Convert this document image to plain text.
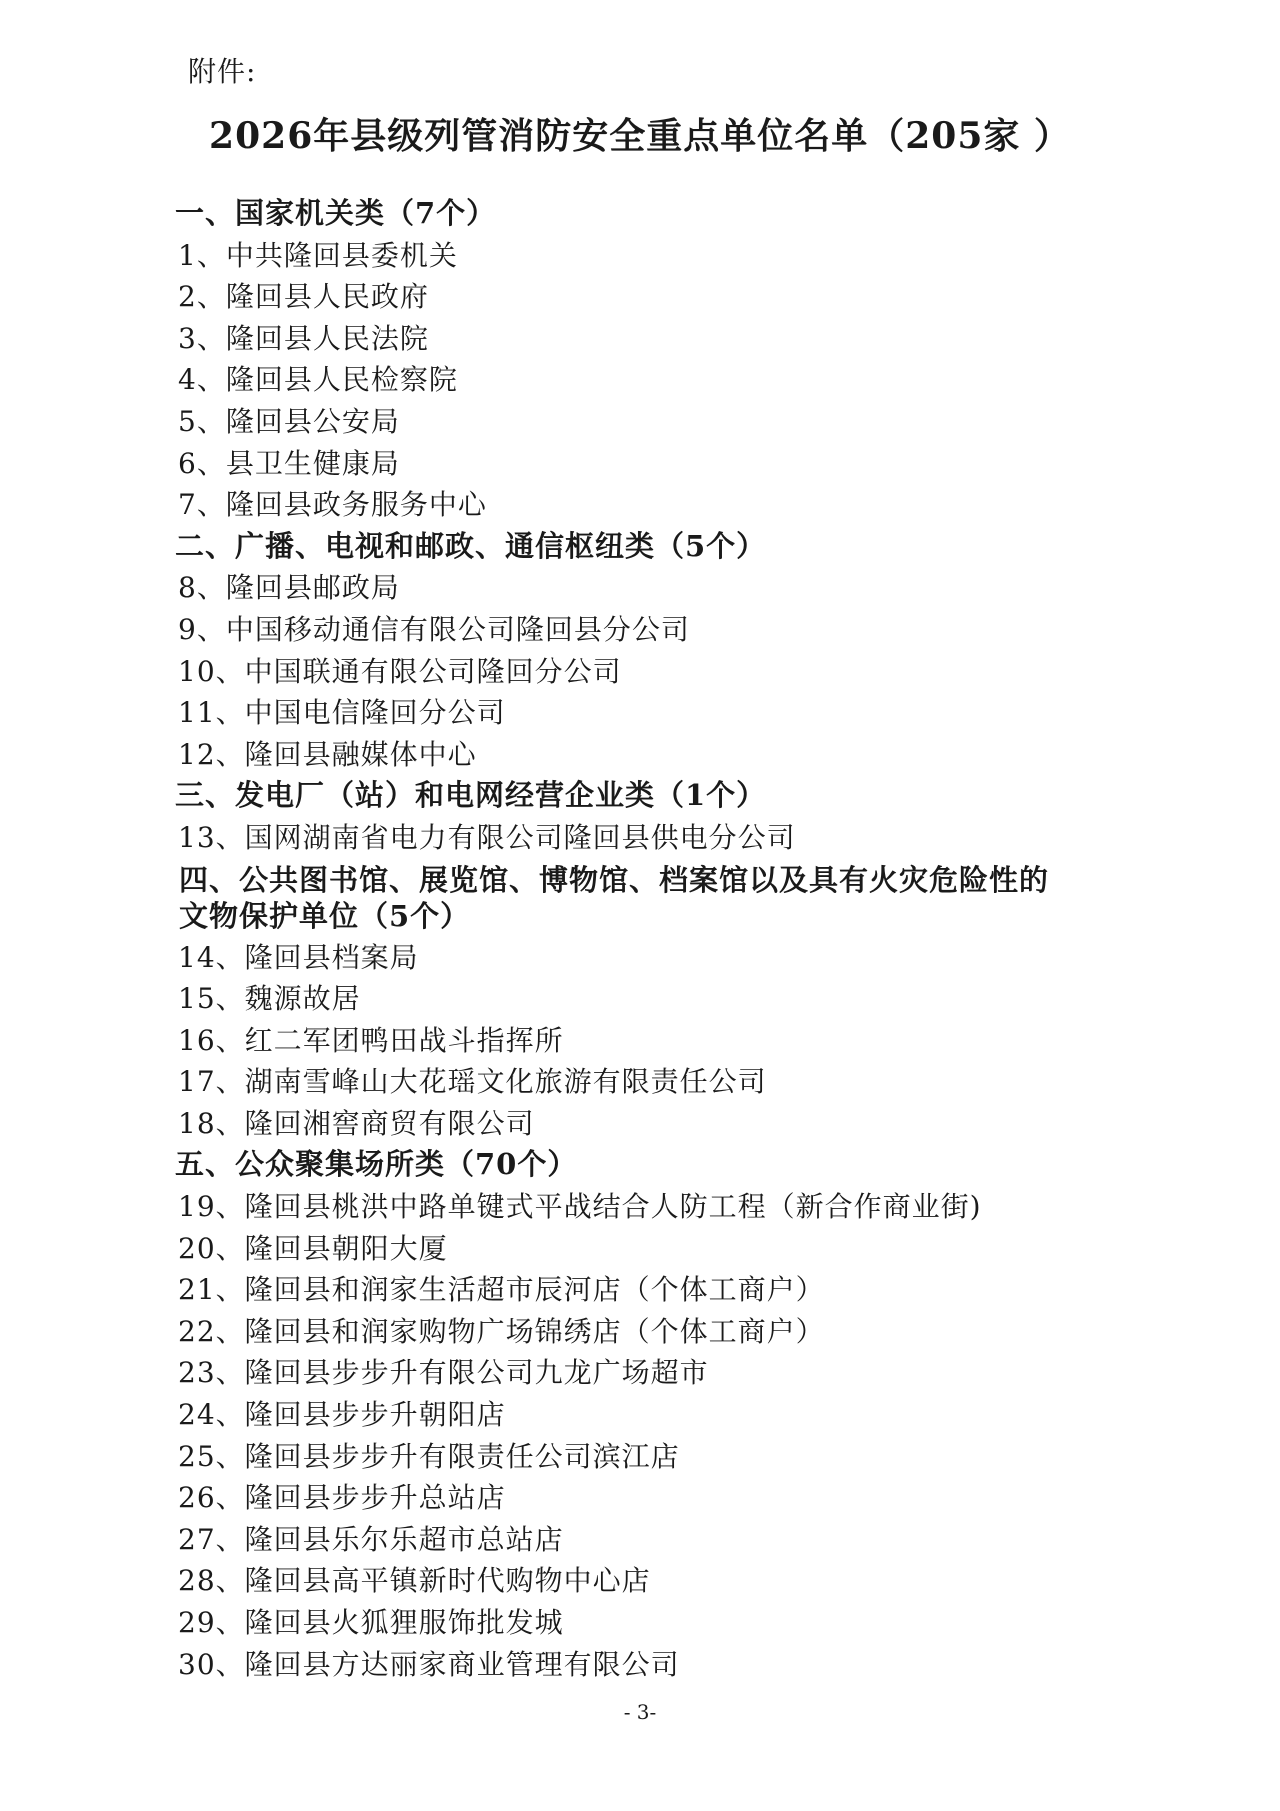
附件:
2026年县级列管消防安全重点单位名单（205家 ）
一、国家机关类（7个）
1、中共隆回县委机关
2、隆回县人民政府
3、隆回县人民法院
4、隆回县人民检察院
5、隆回县公安局
6、县卫生健康局
7、隆回县政务服务中心
二、广播、电视和邮政、通信枢纽类（5个）
8、隆回县邮政局
9、中国移动通信有限公司隆回县分公司
10、中国联通有限公司隆回分公司
11、中国电信隆回分公司
12、隆回县融媒体中心
三、发电厂（站）和电网经营企业类（1个）
13、国网湖南省电力有限公司隆回县供电分公司
四、公共图书馆、展览馆、博物馆、档案馆以及具有火灾危险性的文物保护单位（5个）
14、隆回县档案局
15、魏源故居
16、红二军团鸭田战斗指挥所
17、湖南雪峰山大花瑶文化旅游有限责任公司
18、隆回湘窖商贸有限公司
五、公众聚集场所类（70个）
19、隆回县桃洪中路单键式平战结合人防工程（新合作商业街)
20、隆回县朝阳大厦
21、隆回县和润家生活超市辰河店（个体工商户）
22、隆回县和润家购物广场锦绣店（个体工商户）
23、隆回县步步升有限公司九龙广场超市
24、隆回县步步升朝阳店
25、隆回县步步升有限责任公司滨江店
26、隆回县步步升总站店
27、隆回县乐尔乐超市总站店
28、隆回县高平镇新时代购物中心店
29、隆回县火狐狸服饰批发城
30、隆回县方达丽家商业管理有限公司
- 3-
